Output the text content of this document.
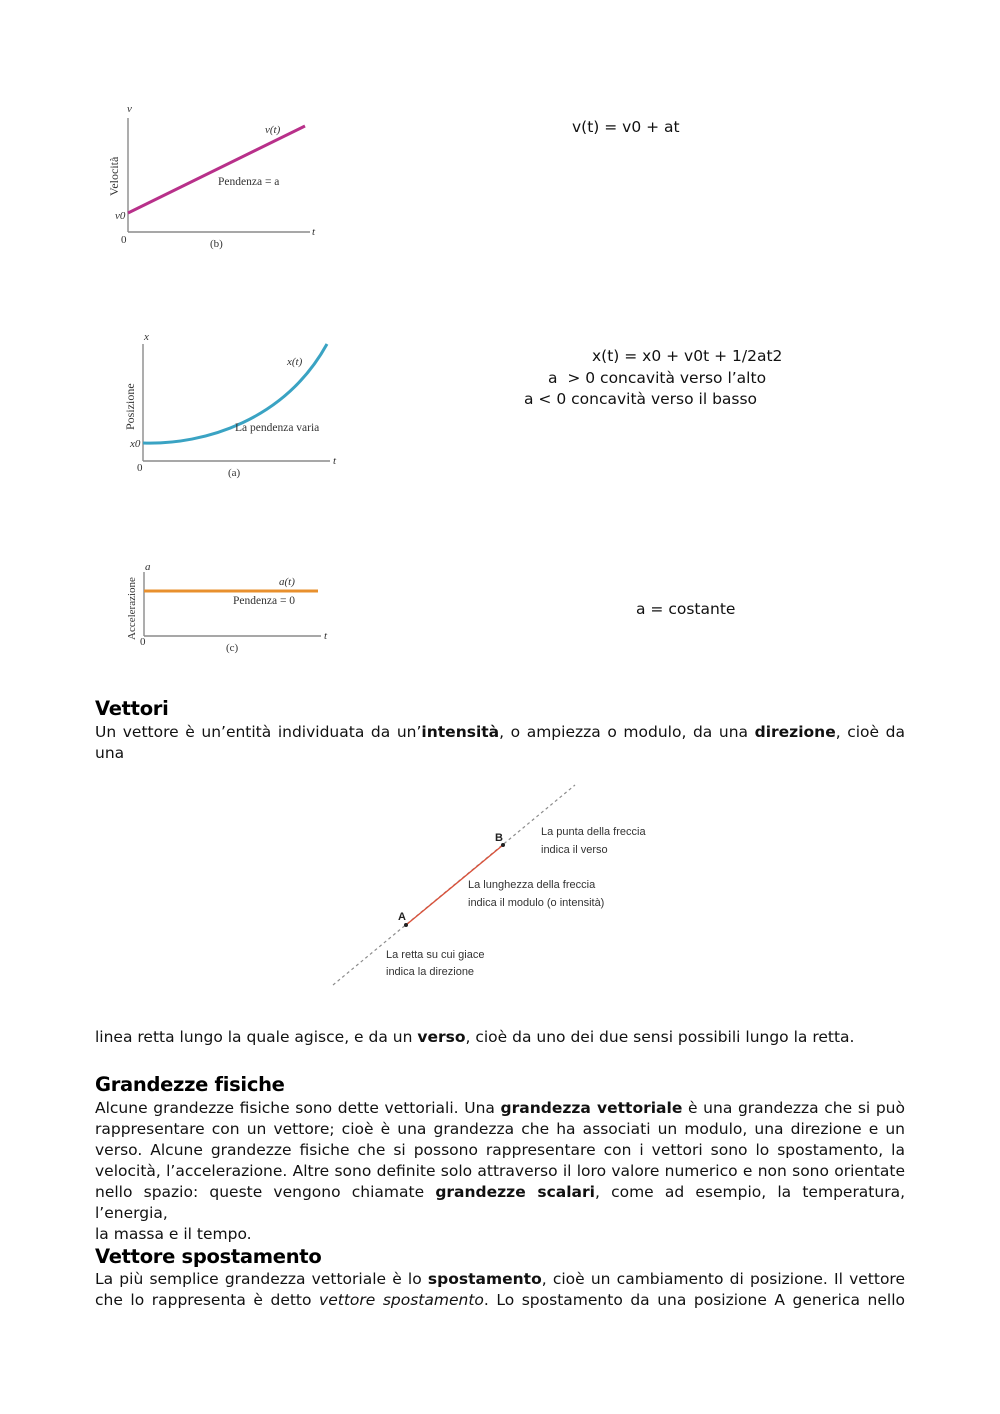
v
Velocità
v(t)
Pendenza = a
v0
0
t
(b)
v(t) = v0 + at
x
Posizione
x(t)
La pendenza varia
x0
0
t
(a)
x(t) = x0 + v0t + 1/2at2
a  > 0 concavità verso l’alto
a < 0 concavità verso il basso
a
Accelerazione	a(t)
Pendenza = 0
0	t
(c)
a = costante
Vettori
Un vettore è un’entità individuata da un’intensità, o ampiezza o modulo, da una direzione, cioè da una
A
B	La punta della freccia
indica il verso
La lunghezza della freccia
indica il modulo (o intensità)
La retta su cui giace
indica la direzione
linea retta lungo la quale agisce, e da un verso, cioè da uno dei due sensi possibili lungo la retta.
Grandezze fisiche
Alcune grandezze fisiche sono dette vettoriali. Una grandezza vettoriale è una grandezza che si può
rappresentare con un vettore; cioè è una grandezza che ha associati un modulo, una direzione e un
verso. Alcune grandezze fisiche che si possono rappresentare con i vettori sono lo spostamento, la
velocità, l’accelerazione. Altre sono definite solo attraverso il loro valore numerico e non sono orientate
nello spazio: queste vengono chiamate grandezze scalari, come ad esempio, la temperatura, l’energia,
la massa e il tempo.
Vettore spostamento
La più semplice grandezza vettoriale è lo spostamento, cioè un cambiamento di posizione. Il vettore
che lo rappresenta è detto vettore spostamento. Lo spostamento da una posizione A generica nello
